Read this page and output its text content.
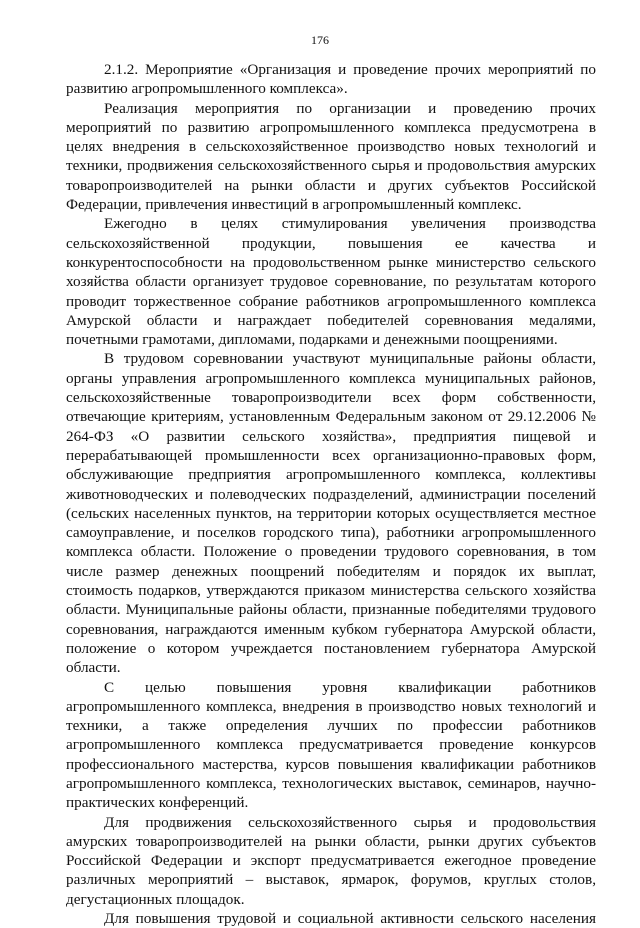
176
2.1.2. Мероприятие «Организация и проведение прочих мероприятий по
развитию агропромышленного комплекса».
Реализация мероприятия по организации и проведению прочих
мероприятий по развитию агропромышленного комплекса предусмотрена в
целях внедрения в сельскохозяйственное производство новых технологий и
техники, продвижения сельскохозяйственного сырья и продовольствия амурских
товаропроизводителей на рынки области и других субъектов Российской
Федерации, привлечения инвестиций в агропромышленный комплекс.
Ежегодно в целях стимулирования увеличения производства
сельскохозяйственной продукции, повышения ее качества и
конкурентоспособности на продовольственном рынке министерство сельского
хозяйства области организует трудовое соревнование, по результатам которого
проводит торжественное собрание работников агропромышленного комплекса
Амурской области и награждает победителей соревнования медалями,
почетными грамотами, дипломами, подарками и денежными поощрениями.
В трудовом соревновании участвуют муниципальные районы области,
органы управления агропромышленного комплекса муниципальных районов,
сельскохозяйственные товаропроизводители всех форм собственности,
отвечающие критериям, установленным Федеральным законом от 29.12.2006 №
264-ФЗ «О развитии сельского хозяйства», предприятия пищевой и
перерабатывающей промышленности всех организационно-правовых форм,
обслуживающие предприятия агропромышленного комплекса, коллективы
животноводческих и полеводческих подразделений, администрации поселений
(сельских населенных пунктов, на территории которых осуществляется местное
самоуправление, и поселков городского типа), работники агропромышленного
комплекса области. Положение о проведении трудового соревнования, в том
числе размер денежных поощрений победителям и порядок их выплат,
стоимость подарков, утверждаются приказом министерства сельского хозяйства
области. Муниципальные районы области, признанные победителями трудового
соревнования, награждаются именным кубком губернатора Амурской области,
положение о котором учреждается постановлением губернатора Амурской
области.
С целью повышения уровня квалификации работников
агропромышленного комплекса, внедрения в производство новых технологий и
техники, а также определения лучших по профессии работников
агропромышленного комплекса предусматривается проведение конкурсов
профессионального мастерства, курсов повышения квалификации работников
агропромышленного комплекса, технологических выставок, семинаров, научно-
практических конференций.
Для продвижения сельскохозяйственного сырья и продовольствия
амурских товаропроизводителей на рынки области, рынки других субъектов
Российской Федерации и экспорт предусматривается ежегодное проведение
различных мероприятий – выставок, ярмарок, форумов, круглых столов,
дегустационных площадок.
Для повышения трудовой и социальной активности сельского населения
